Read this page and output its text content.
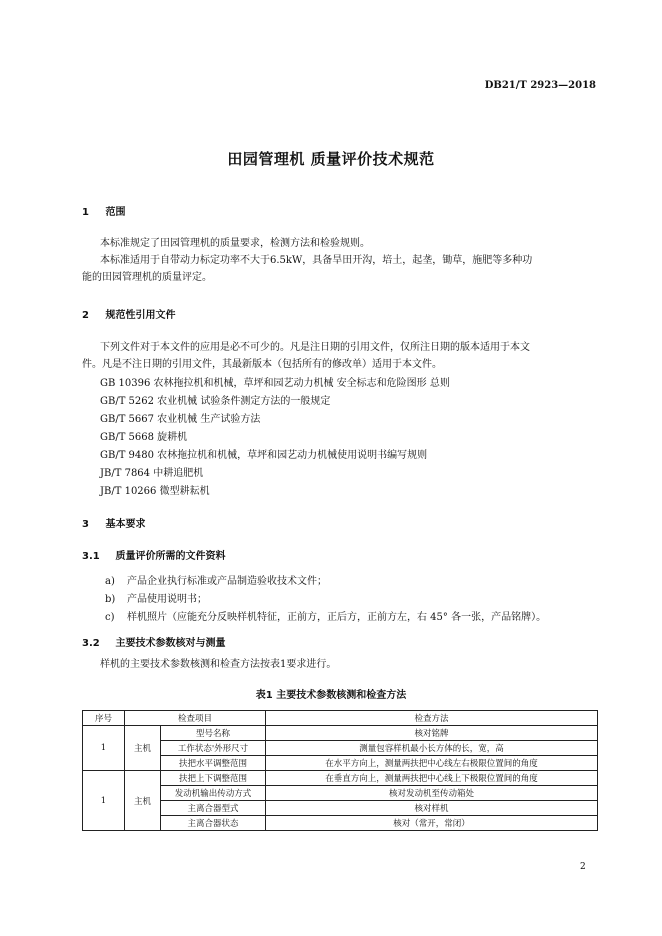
DB21/T 2923—2018
田园管理机 质量评价技术规范
1 范围
本标准规定了田园管理机的质量要求，检测方法和检验规则。
本标准适用于自带动力标定功率不大于6.5kW，具备旱田开沟，培土，起垄，锄草，施肥等多种功
能的田园管理机的质量评定。
2 规范性引用文件
下列文件对于本文件的应用是必不可少的。凡是注日期的引用文件，仅所注日期的版本适用于本文
件。凡是不注日期的引用文件，其最新版本（包括所有的修改单）适用于本文件。
GB 10396 农林拖拉机和机械，草坪和园艺动力机械 安全标志和危险图形 总则
GB/T 5262 农业机械 试验条件测定方法的一般规定
GB/T 5667 农业机械 生产试验方法
GB/T 5668 旋耕机
GB/T 9480 农林拖拉机和机械，草坪和园艺动力机械使用说明书编写规则
JB/T 7864 中耕追肥机
JB/T 10266 微型耕耘机
3 基本要求
3.1 质量评价所需的文件资料
a) 产品企业执行标准或产品制造验收技术文件；
b) 产品使用说明书；
c) 样机照片（应能充分反映样机特征，正前方，正后方，正前方左，右 45° 各一张，产品铭牌）。
3.2 主要技术参数核对与测量
样机的主要技术参数核测和检查方法按表1要求进行。
表1 主要技术参数核测和检查方法
序号	检查项目		检查方法
1	主机	型号名称	核对铭牌
		工作状态'外形尺寸	测量包容样机最小长方体的长，宽，高
		扶把水平调整范围	在水平方向上，测量两扶把中心线左右极限位置间的角度
1	主机	扶把上下调整范围	在垂直方向上，测量两扶把中心线上下极限位置间的角度
		发动机输出传动方式	核对发动机至传动箱处
		主离合器型式	核对样机
		主离合器状态	核对（常开，常闭）
2
